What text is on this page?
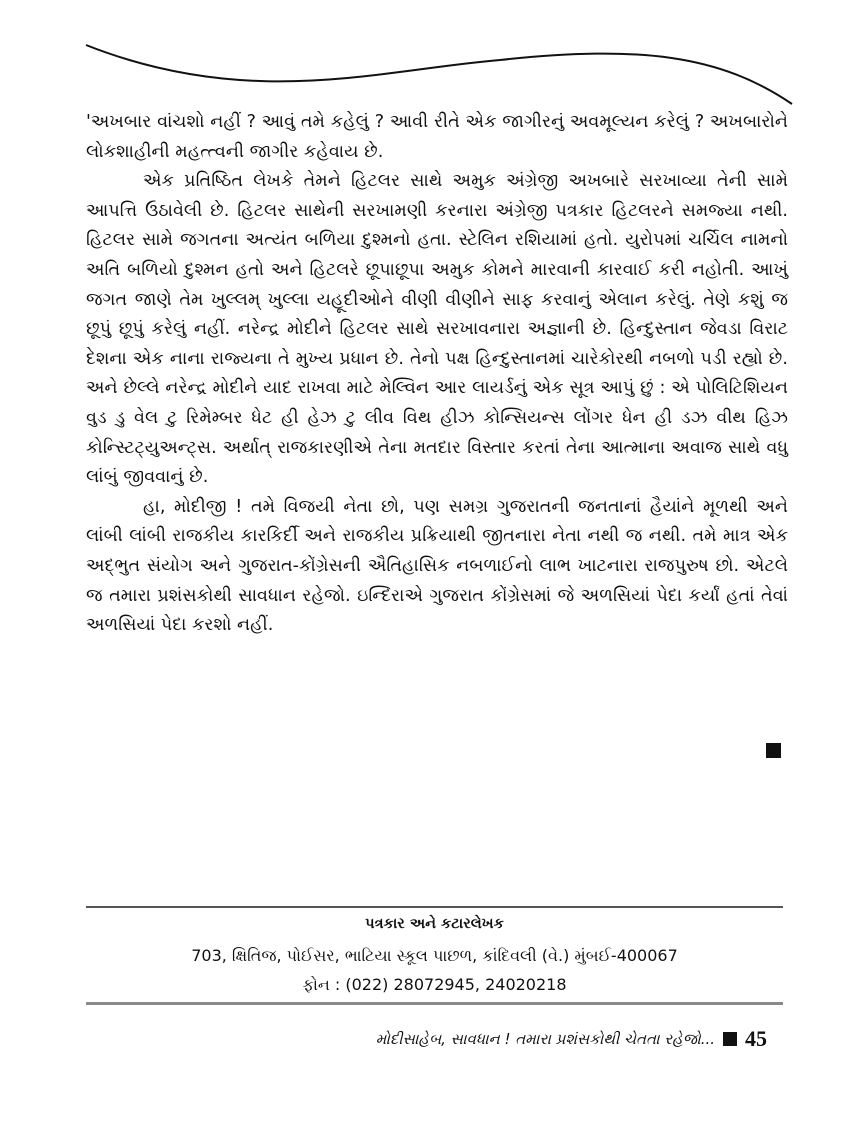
'અખબાર વાંચશો નહીં ? આવું તમે કહેલું ? આવી રીતે એક જાગીરનું અવમૂલ્યન કરેલું ? અખબારોને લોકશાહીની મહત્ત્વની જાગીર કહેવાય છે.

એક પ્રતિષ્ઠિત લેખકે તેમને હિટલર સાથે અમુક અંગ્રેજી અખબારે સરખાવ્યા તેની સામે આપત્તિ ઉઠાવેલી છે. હિટલર સાથેની સરખામણી કરનારા અંગ્રેજી પત્રકાર હિટલરને સમજ્યા નથી. હિટલર સામે જગતના અત્યંત બળિયા દુશ્મનો હતા. સ્ટેલિન રશિયામાં હતો. યુરોપમાં ચર્ચિલ નામનો અતિ બળિયો દુશ્મન હતો અને હિટલરે છૂપાછૂપા અમુક કોમને મારવાની કારવાઈ કરી નહોતી. આખું જગત જાણે તેમ ખુલ્લમ્ ખુલ્લા યહૂદીઓને વીણી વીણીને સાફ કરવાનું એલાન કરેલું. તેણે કશું જ છૂપું છૂપું કરેલું નહીં. નરેન્દ્ર મોદીને હિટલર સાથે સરખાવનારા અજ્ઞાની છે. હિન્દુસ્તાન જેવડા વિરાટ દેશના એક નાના રાજ્યના તે મુખ્ય પ્રધાન છે. તેનો પક્ષ હિન્દુસ્તાનમાં ચારેકોરથી નબળો પડી રહ્યો છે. અને છેલ્લે નરેન્દ્ર મોદીને યાદ રાખવા માટે મેલ્વિન આર લાયર્ડનું એક સૂત્ર આપું છું : એ પોલિટિશિયન વુડ ડુ વેલ ટુ રિમેમ્બર ધેટ હી હેઝ ટુ લીવ વિથ હીઝ કોન્સિયન્સ લોંગર ધેન હી ડઝ વીથ હિઝ કોન્સ્ટિટ્યુઅન્ટ્સ. અર્થાત્ રાજકારણીએ તેના મતદાર વિસ્તાર કરતાં તેના આત્માના અવાજ સાથે વધુ લાંબું જીવવાનું છે.

હા, મોદીજી ! તમે વિજયી નેતા છો, પણ સમગ્ર ગુજરાતની જનતાનાં હૈયાંને મૂળથી અને લાંબી લાંબી રાજકીય કારકિર્દી અને રાજકીય પ્રક્રિયાથી જીતનારા નેતા નથી જ નથી. તમે માત્ર એક અદ્ભુત સંયોગ અને ગુજરાત-કોંગ્રેસની ઐતિહાસિક નબળાઈનો લાભ ખાટનારા રાજપુરુષ છો. એટલે જ તમારા પ્રશંસકોથી સાવધાન રહેજો. ઇન્દિરાએ ગુજરાત કોંગ્રેસમાં જે અળસિયાં પેદા કર્યાં હતાં તેવાં અળસિયાં પેદા કરશો નહીં.

પત્રકાર અને કટારલેખક
703, ક્ષિતિજ, પોઈસર, ભાટિયા સ્કૂલ પાછળ, કાંદિવલી (વે.) મુંબઈ-400067
ફોન : (022) 28072945, 24020218
મોદીસાહેબ, સાવધાન ! તમારા પ્રશંસકોથી ચેતતા રહેજો... 45
